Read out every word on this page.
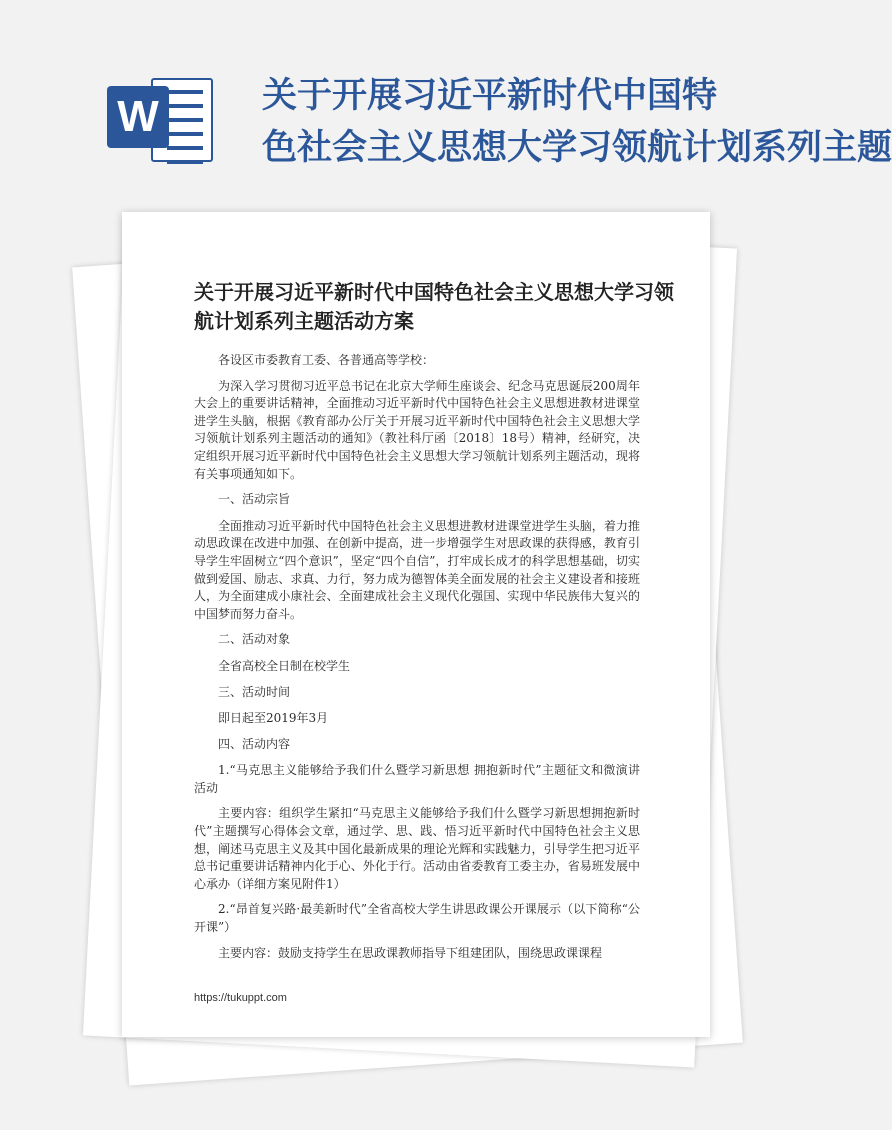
W	关于开展习近平新时代中国特
色社会主义思想大学习领航计划系列主题
关于开展习近平新时代中国特色社会主义思想大学习领航计划系列主题活动方案

各设区市委教育工委、各普通高等学校：

为深入学习贯彻习近平总书记在北京大学师生座谈会、纪念马克思诞辰200周年大会上的重要讲话精神，全面推动习近平新时代中国特色社会主义思想进教材进课堂进学生头脑，根据《教育部办公厅关于开展习近平新时代中国特色社会主义思想大学习领航计划系列主题活动的通知》（教社科厅函〔2018〕18号）精神，经研究，决定组织开展习近平新时代中国特色社会主义思想大学习领航计划系列主题活动，现将有关事项通知如下。

一、活动宗旨

全面推动习近平新时代中国特色社会主义思想进教材进课堂进学生头脑，着力推动思政课在改进中加强、在创新中提高，进一步增强学生对思政课的获得感，教育引导学生牢固树立“四个意识”，坚定“四个自信”，打牢成长成才的科学思想基础，切实做到爱国、励志、求真、力行，努力成为德智体美全面发展的社会主义建设者和接班人，为全面建成小康社会、全面建成社会主义现代化强国、实现中华民族伟大复兴的中国梦而努力奋斗。

二、活动对象

全省高校全日制在校学生

三、活动时间

即日起至2019年3月

四、活动内容

1.“马克思主义能够给予我们什么暨学习新思想 拥抱新时代”主题征文和微演讲活动

主要内容：组织学生紧扣“马克思主义能够给予我们什么暨学习新思想拥抱新时代”主题撰写心得体会文章，通过学、思、践、悟习近平新时代中国特色社会主义思想，阐述马克思主义及其中国化最新成果的理论光辉和实践魅力，引导学生把习近平总书记重要讲话精神内化于心、外化于行。活动由省委教育工委主办，省易班发展中心承办（详细方案见附件1）

2.“昂首复兴路·最美新时代”全省高校大学生讲思政课公开课展示（以下简称“公开课”）

主要内容：鼓励支持学生在思政课教师指导下组建团队，围绕思政课课程

https://tukuppt.com
